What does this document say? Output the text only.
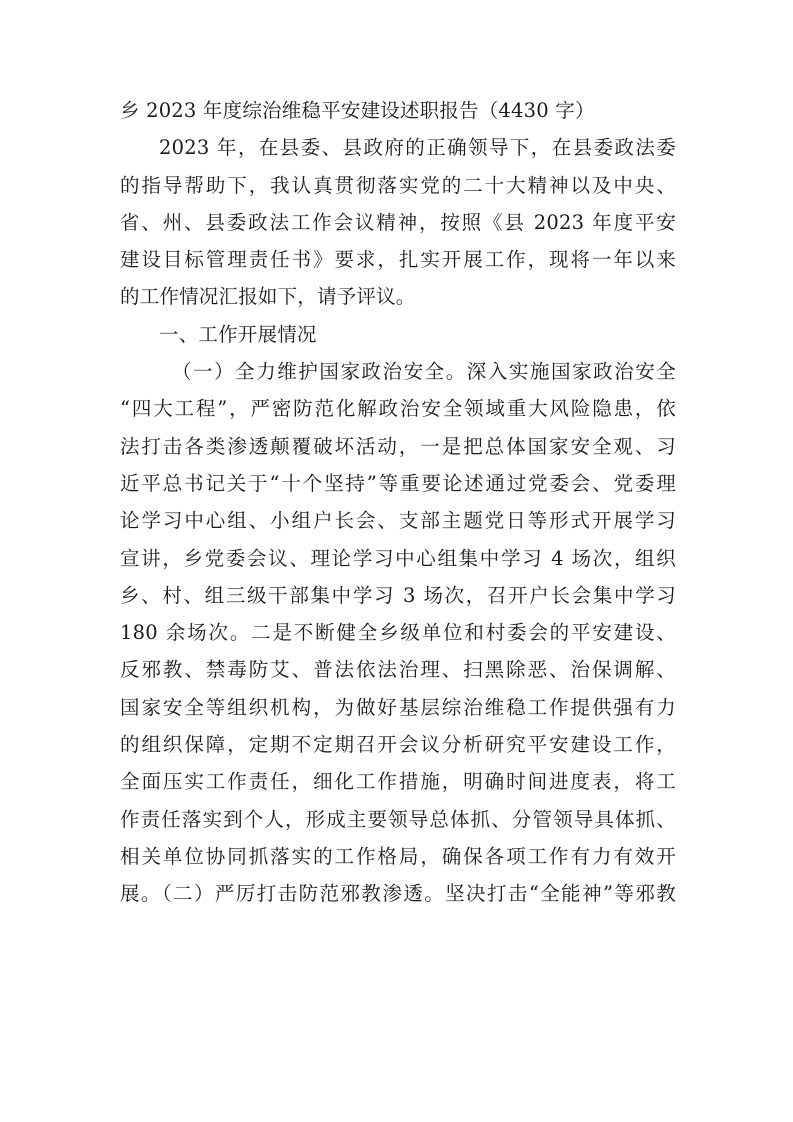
乡 2023 年度综治维稳平安建设述职报告（4430 字）
2023 年，在县委、县政府的正确领导下，在县委政法委
的指导帮助下，我认真贯彻落实党的二十大精神以及中央、
省、州、县委政法工作会议精神，按照《县 2023 年度平安
建设目标管理责任书》要求，扎实开展工作，现将一年以来
的工作情况汇报如下，请予评议。
一、工作开展情况
（一）全力维护国家政治安全。深入实施国家政治安全
“四大工程”，严密防范化解政治安全领域重大风险隐患，依
法打击各类渗透颠覆破坏活动，一是把总体国家安全观、习
近平总书记关于“十个坚持”等重要论述通过党委会、党委理
论学习中心组、小组户长会、支部主题党日等形式开展学习
宣讲，乡党委会议、理论学习中心组集中学习 4 场次，组织
乡、村、组三级干部集中学习 3 场次，召开户长会集中学习
180 余场次。二是不断健全乡级单位和村委会的平安建设、
反邪教、禁毒防艾、普法依法治理、扫黑除恶、治保调解、
国家安全等组织机构，为做好基层综治维稳工作提供强有力
的组织保障，定期不定期召开会议分析研究平安建设工作，
全面压实工作责任，细化工作措施，明确时间进度表，将工
作责任落实到个人，形成主要领导总体抓、分管领导具体抓、
相关单位协同抓落实的工作格局，确保各项工作有力有效开
展。（二）严厉打击防范邪教渗透。坚决打击“全能神”等邪教
